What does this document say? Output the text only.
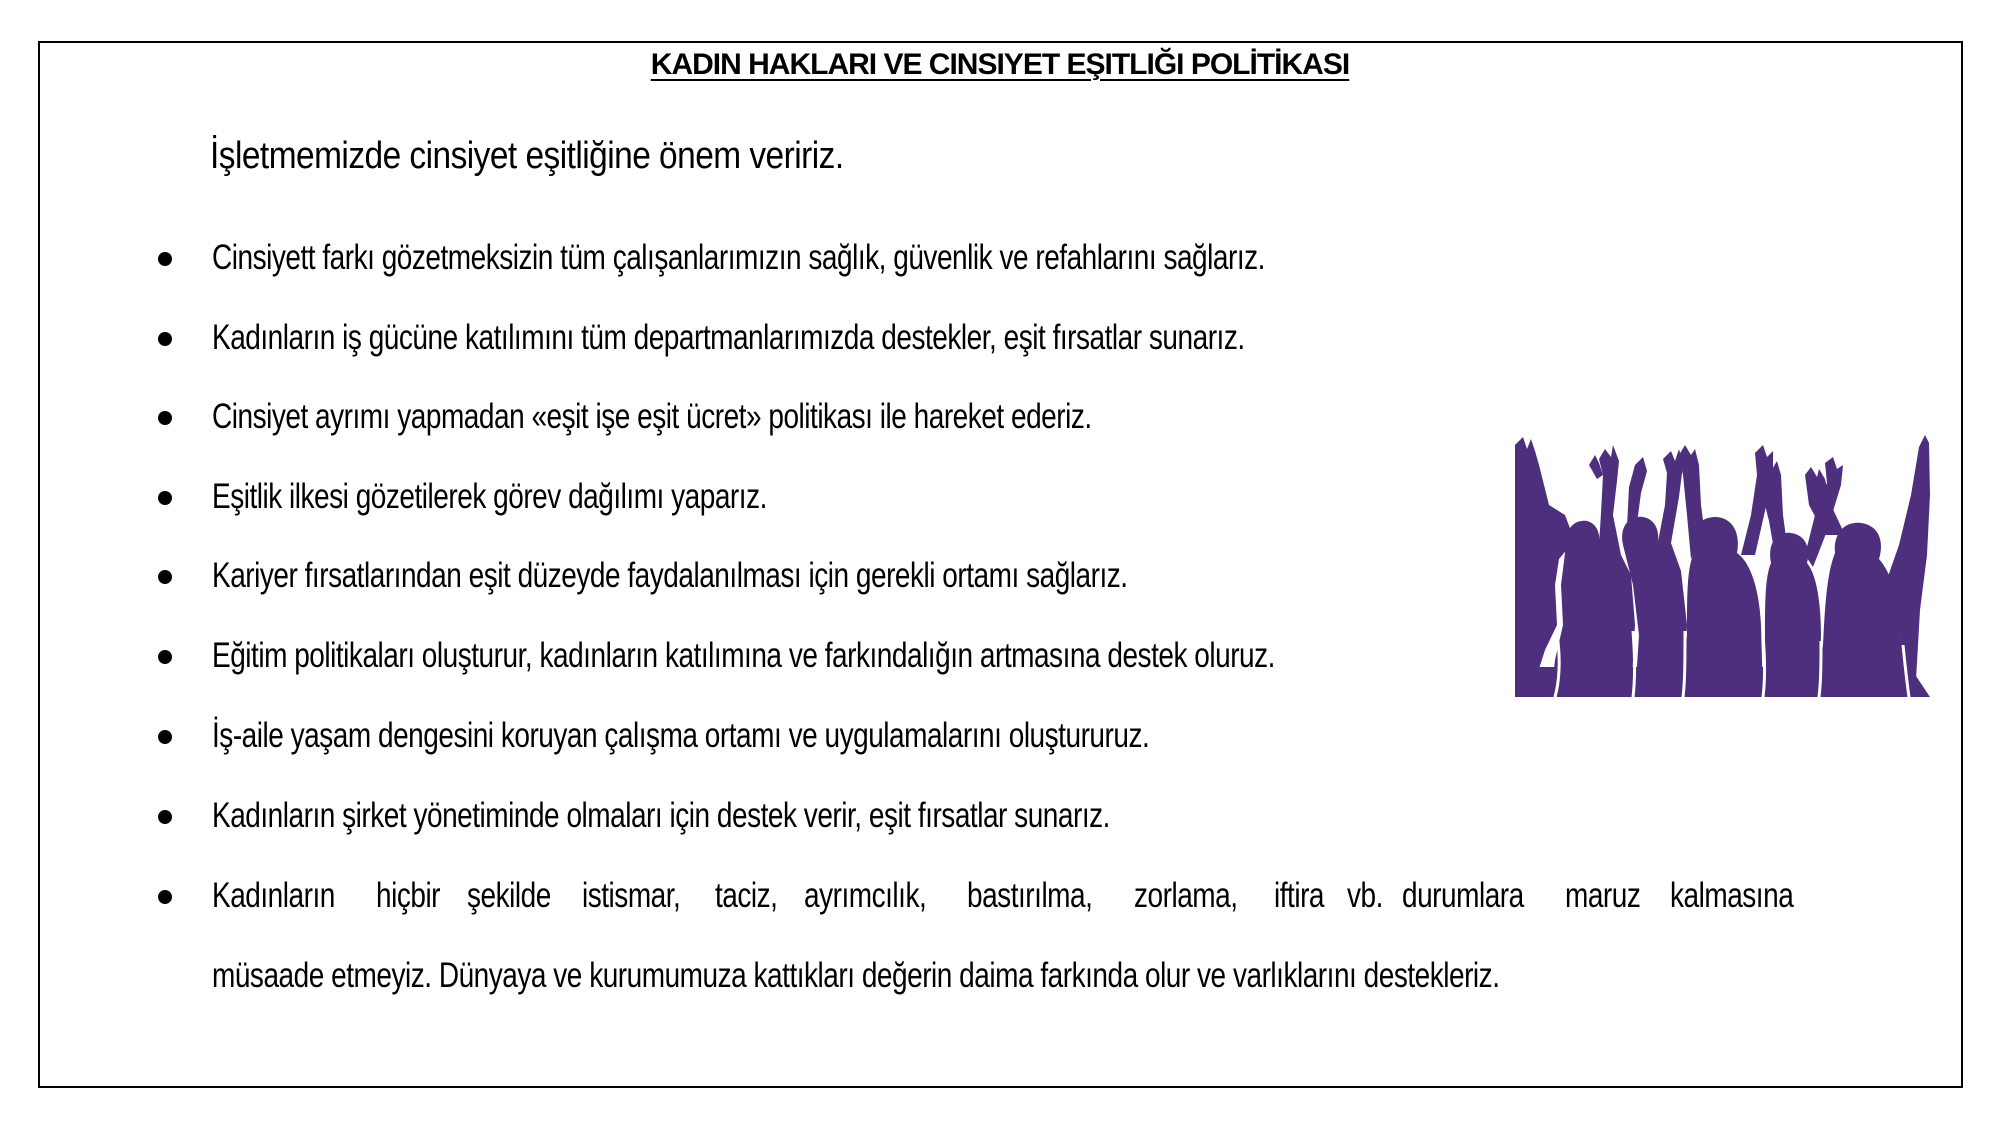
KADIN HAKLARI VE CINSIYET EŞITLIĞI POLİTİKASI
İşletmemizde cinsiyet eşitliğine önem veririz.
Cinsiyett farkı gözetmeksizin tüm çalışanlarımızın sağlık, güvenlik ve refahlarını sağlarız.
Kadınların iş gücüne katılımını tüm departmanlarımızda destekler, eşit fırsatlar sunarız.
Cinsiyet ayrımı yapmadan «eşit işe eşit ücret» politikası ile hareket ederiz.
Eşitlik ilkesi gözetilerek görev dağılımı yaparız.
Kariyer fırsatlarından eşit düzeyde faydalanılması için gerekli ortamı sağlarız.
Eğitim politikaları oluşturur, kadınların katılımına ve farkındalığın artmasına destek oluruz.
İş-aile yaşam dengesini koruyan çalışma ortamı ve uygulamalarını oluştururuz.
Kadınların şirket yönetiminde olmaları için destek verir, eşit fırsatlar sunarız.
Kadınların hiçbir şekilde istismar, taciz, ayrımcılık, bastırılma, zorlama, iftira vb. durumlara maruz kalmasına
müsaade etmeyiz. Dünyaya ve kurumumuza kattıkları değerin daima farkında olur ve varlıklarını destekleriz.
